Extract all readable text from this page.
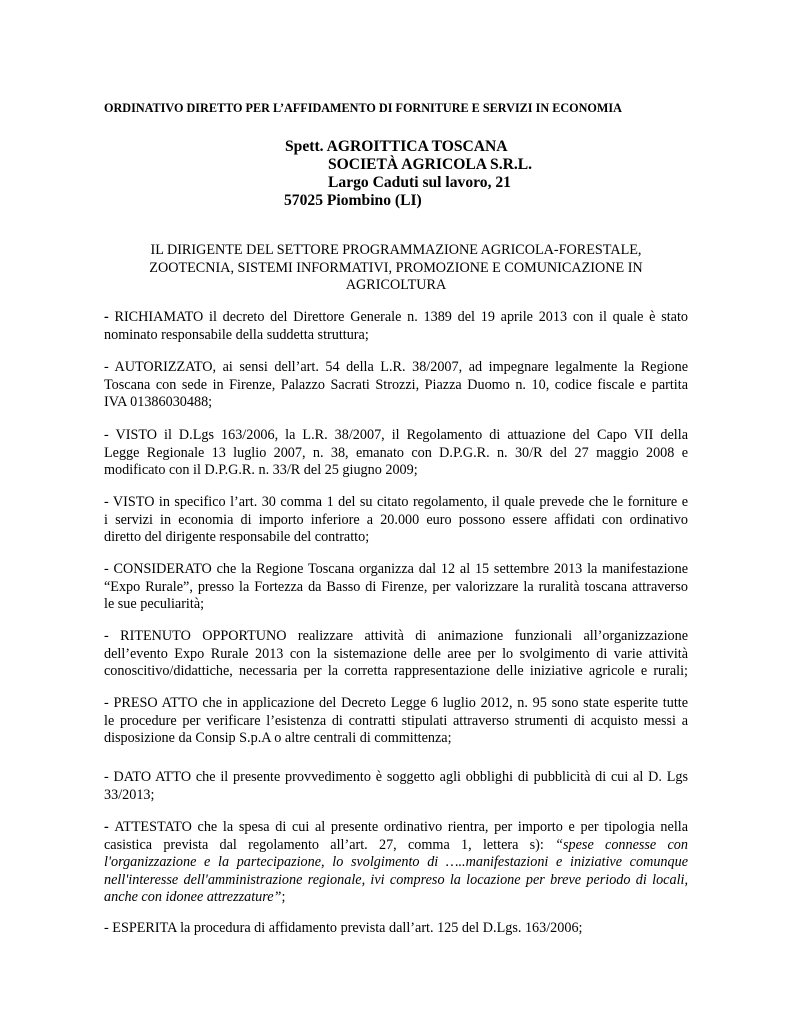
ORDINATIVO DIRETTO PER L’AFFIDAMENTO DI FORNITURE E SERVIZI IN ECONOMIA
Spett. AGROITTICA TOSCANA
SOCIETÀ AGRICOLA S.R.L.
Largo Caduti sul lavoro, 21
57025 Piombino (LI)
IL DIRIGENTE DEL SETTORE PROGRAMMAZIONE AGRICOLA-FORESTALE,
ZOOTECNIA, SISTEMI INFORMATIVI, PROMOZIONE E COMUNICAZIONE IN
AGRICOLTURA
- RICHIAMATO il decreto del Direttore Generale n. 1389 del 19 aprile 2013 con il quale è stato
nominato responsabile della suddetta struttura;
- AUTORIZZATO, ai sensi dell’art. 54 della L.R. 38/2007, ad impegnare legalmente la Regione
Toscana con sede in Firenze, Palazzo Sacrati Strozzi, Piazza Duomo n. 10, codice fiscale e partita
IVA 01386030488;
- VISTO il D.Lgs 163/2006, la L.R. 38/2007, il Regolamento di attuazione del Capo VII della
Legge Regionale 13 luglio 2007, n. 38, emanato con D.P.G.R. n. 30/R del 27 maggio 2008 e
modificato con il D.P.G.R. n. 33/R del 25 giugno 2009;
- VISTO in specifico l’art. 30 comma 1 del su citato regolamento, il quale prevede che le forniture e
i servizi in economia di importo inferiore a 20.000 euro possono essere affidati con ordinativo
diretto del dirigente responsabile del contratto;
- CONSIDERATO che la Regione Toscana organizza dal 12 al 15 settembre 2013 la manifestazione
“Expo Rurale”, presso la Fortezza da Basso di Firenze, per valorizzare la ruralità toscana attraverso
le sue peculiarità;
- RITENUTO OPPORTUNO realizzare attività di animazione funzionali all’organizzazione
dell’evento Expo Rurale 2013 con la sistemazione delle aree per lo svolgimento di varie attività
conoscitivo/didattiche, necessaria per la corretta rappresentazione delle iniziative agricole e rurali;
- PRESO ATTO che in applicazione del Decreto Legge 6 luglio 2012, n. 95 sono state esperite tutte
le procedure per verificare l’esistenza di contratti stipulati attraverso strumenti di acquisto messi a
disposizione da Consip S.p.A o altre centrali di committenza;
- DATO ATTO che il presente provvedimento è soggetto agli obblighi di pubblicità di cui al D. Lgs
33/2013;
- ATTESTATO che la spesa di cui al presente ordinativo rientra, per importo e per tipologia nella
casistica prevista dal regolamento all’art. 27, comma 1, lettera s): “spese connesse con
l'organizzazione e la partecipazione, lo svolgimento di …..manifestazioni e iniziative comunque
nell'interesse dell'amministrazione regionale, ivi compreso la locazione per breve periodo di locali,
anche con idonee attrezzature”;
- ESPERITA la procedura di affidamento prevista dall’art. 125 del D.Lgs. 163/2006;
